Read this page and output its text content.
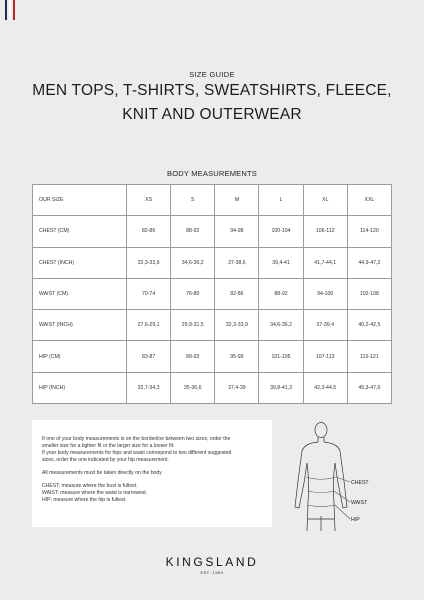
SIZE GUIDE
MEN TOPS, T-SHIRTS, SWEATSHIRTS, FLEECE,
KNIT AND OUTERWEAR
BODY MEASUREMENTS
OUR SIZE	XS	S	M	L	XL	XXL
CHEST (CM)	82-86	88-92	94-98	100-104	106-112	114-120
CHEST (INCH)	32,3-33,9	34,6-36,2	37-38,6	39,4-41	41,7-44,1	44,9-47,2
WAIST (CM)	70-74	76-80	82-86	88-92	94-100	102-108
WAIST (INCH)	27,6-29,1	29,9-31,5	32,3-33,9	34,6-36,2	37-39,4	40,2-42,5
HIP (CM)	83-87	89-93	95-99	101-105	107-113	115-121
HIP (INCH)	32,7-34,3	35-36,6	37,4-39	39,8-41,3	42,3-44,5	45,3-47,6

If one of your body measurements is on the borderline between two sizes, order the

smaller size for a tighter fit or the larger size for a looser fit.

If your body measurements for hips and waist correspond to two different suggested

sizes, order the one indicated by your hip measurement.

All measurements must be taken directly on the body

CHEST: measure where the bust is fullest.

WAIST: measure where the waist is narrowest.

HIP: measure where the hip is fullest.

CHEST
WAIST
HIP
KINGSLAND
EST. 1989
